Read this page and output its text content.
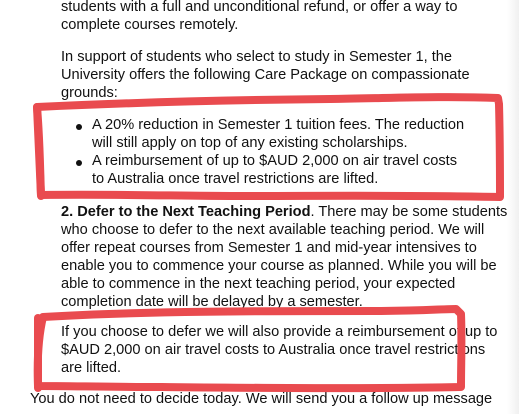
students with a full and unconditional refund, or offer a way to
complete courses remotely.
In support of students who select to study in Semester 1, the
University offers the following Care Package on compassionate
grounds:
A 20% reduction in Semester 1 tuition fees. The reduction
will still apply on top of any existing scholarships.
A reimbursement of up to $AUD 2,000 on air travel costs
to Australia once travel restrictions are lifted.
2. Defer to the Next Teaching Period. There may be some students
who choose to defer to the next available teaching period. We will
offer repeat courses from Semester 1 and mid-year intensives to
enable you to commence your course as planned. While you will be
able to commence in the next teaching period, your expected
completion date will be delayed by a semester.
If you choose to defer we will also provide a reimbursement of up to
$AUD 2,000 on air travel costs to Australia once travel restrictions
are lifted.
You do not need to decide today. We will send you a follow up message
